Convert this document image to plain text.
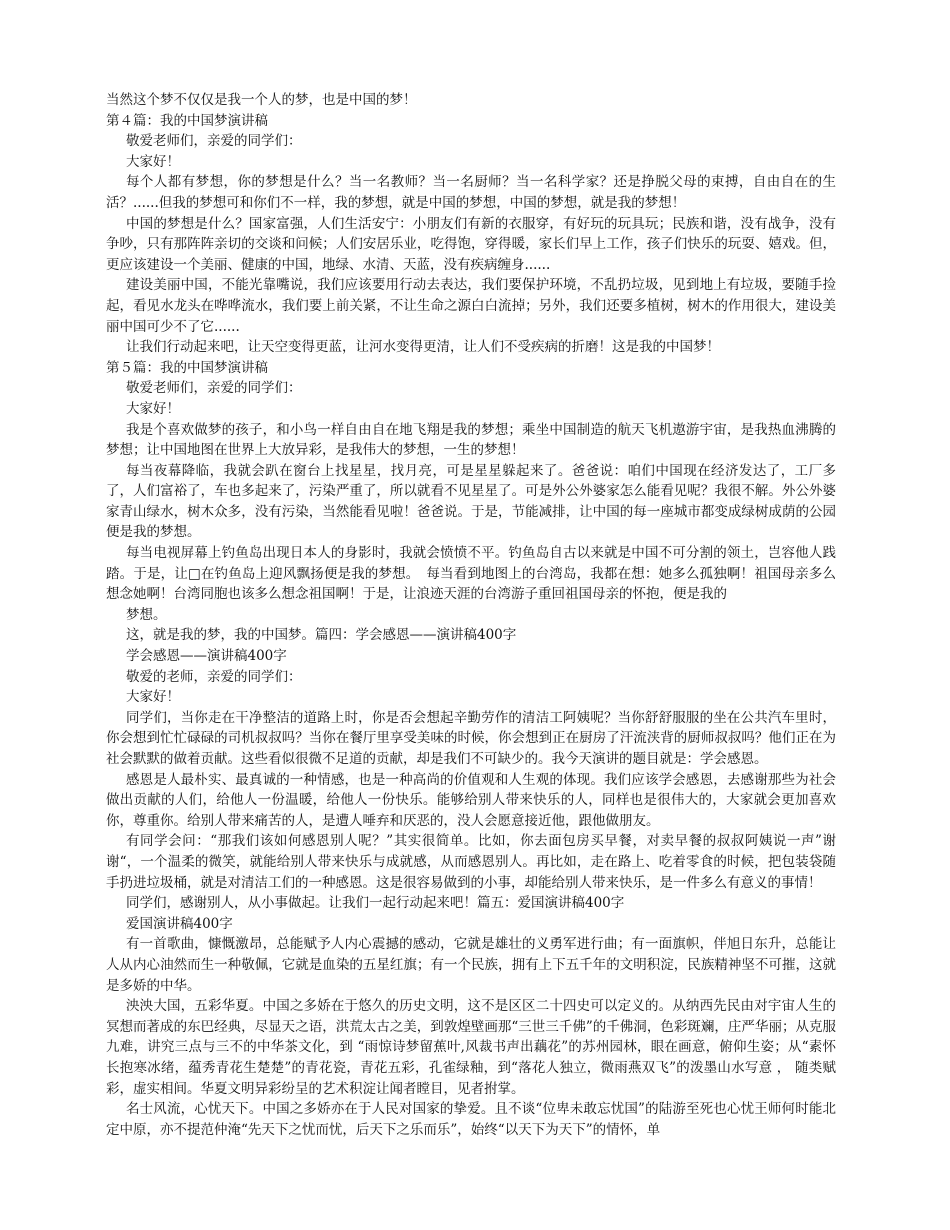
当然这个梦不仅仅是我一个人的梦，也是中国的梦！

第４篇：我的中国梦演讲稿

敬爱老师们，亲爱的同学们：

大家好！

每个人都有梦想，你的梦想是什么？当一名教师？当一名厨师？当一名科学家？还是挣脱父母的束搏，自由自在的生活？......但我的梦想可和你们不一样，我的梦想，就是中国的梦想，中国的梦想，就是我的梦想！

中国的梦想是什么？国家富强，人们生活安宁：小朋友们有新的衣服穿，有好玩的玩具玩；民族和谐，没有战争，没有争吵，只有那阵阵亲切的交谈和问候；人们安居乐业，吃得饱，穿得暖，家长们早上工作，孩子们快乐的玩耍、嬉戏。但，更应该建设一个美丽、健康的中国，地绿、水清、天蓝，没有疾病缠身......

建设美丽中国，不能光靠嘴说，我们应该要用行动去表达，我们要保护环境，不乱扔垃圾，见到地上有垃圾，要随手捡起，看见水龙头在哗哗流水，我们要上前关紧，不让生命之源白白流掉；另外，我们还要多植树，树木的作用很大，建设美丽中国可少不了它......

让我们行动起来吧，让天空变得更蓝，让河水变得更清，让人们不受疾病的折磨！这是我的中国梦！

第５篇：我的中国梦演讲稿

敬爱老师们，亲爱的同学们：

大家好！

我是个喜欢做梦的孩子，和小鸟一样自由自在地飞翔是我的梦想；乘坐中国制造的航天飞机遨游宇宙，是我热血沸腾的梦想；让中国地图在世界上大放异彩，是我伟大的梦想，一生的梦想！

每当夜幕降临，我就会趴在窗台上找星星，找月亮，可是星星躲起来了。爸爸说：咱们中国现在经济发达了，工厂多了，人们富裕了，车也多起来了，污染严重了，所以就看不见星星了。可是外公外婆家怎么能看见呢？我很不解。外公外婆家青山绿水，树木众多，没有污染，当然能看见啦！爸爸说。于是，节能减排，让中国的每一座城市都变成绿树成荫的公园便是我的梦想。

每当电视屏幕上钓鱼岛出现日本人的身影时，我就会愤愤不平。钓鱼岛自古以来就是中国不可分割的领土，岂容他人践踏。于是，让□在钓鱼岛上迎风飘扬便是我的梦想。　每当看到地图上的台湾岛，我都在想：她多么孤独啊！祖国母亲多么想念她啊！台湾同胞也该多么想念祖国啊！于是，让浪迹天涯的台湾游子重回祖国母亲的怀抱，便是我的

梦想。

这，就是我的梦，我的中国梦。篇四：学会感恩——演讲稿400字

学会感恩——演讲稿400字

敬爱的老师，亲爱的同学们：

大家好！

同学们，当你走在干净整洁的道路上时，你是否会想起辛勤劳作的清洁工阿姨呢？当你舒舒服服的坐在公共汽车里时，你会想到忙忙碌碌的司机叔叔吗？当你在餐厅里享受美味的时候，你会想到正在厨房了汗流浃背的厨师叔叔吗？他们正在为社会默默的做着贡献。这些看似很微不足道的贡献，却是我们不可缺少的。我今天演讲的题目就是：学会感恩。

感恩是人最朴实、最真诚的一种情感，也是一种高尚的价值观和人生观的体现。我们应该学会感恩，去感谢那些为社会做出贡献的人们，给他人一份温暖，给他人一份快乐。能够给别人带来快乐的人，同样也是很伟大的，大家就会更加喜欢你，尊重你。给别人带来痛苦的人，是遭人唾弃和厌恶的，没人会愿意接近他，跟他做朋友。

有同学会问：“那我们该如何感恩别人呢？”其实很简单。比如，你去面包房买早餐，对卖早餐的叔叔阿姨说一声”谢谢“，一个温柔的微笑，就能给别人带来快乐与成就感，从而感恩别人。再比如，走在路上、吃着零食的时候，把包装袋随手扔进垃圾桶，就是对清洁工们的一种感恩。这是很容易做到的小事，却能给别人带来快乐，是一件多么有意义的事情！

同学们，感谢别人，从小事做起。让我们一起行动起来吧！篇五：爱国演讲稿400字

爱国演讲稿400字

有一首歌曲，慷慨激昂，总能赋予人内心震撼的感动，它就是雄壮的义勇军进行曲；有一面旗帜，伴旭日东升，总能让人从内心油然而生一种敬佩，它就是血染的五星红旗；有一个民族，拥有上下五千年的文明积淀，民族精神坚不可摧，这就是多娇的中华。

泱泱大国，五彩华夏。中国之多娇在于悠久的历史文明，这不是区区二十四史可以定义的。从纳西先民由对宇宙人生的冥想而著成的东巴经典，尽显天之语，洪荒太古之美，到敦煌壁画那“三世三千佛”的千佛洞，色彩斑斓，庄严华丽；从克服九难，讲究三点与三不的中华茶文化，到 “雨惊诗梦留蕉叶,风裁书声出藕花”的苏州园林，眼在画意，俯仰生姿；从“素怀长抱寒冰绪，蕴秀青花生楚楚”的青花瓷，青花五彩，孔雀绿釉，到“落花人独立，微雨燕双飞”的泼墨山水写意 ， 随类赋彩，虚实相间。华夏文明异彩纷呈的艺术积淀让闻者瞠目，见者拊掌。

名士风流，心忧天下。中国之多娇亦在于人民对国家的挚爱。且不谈“位卑未敢忘忧国”的陆游至死也心忧王师何时能北定中原，亦不提范仲淹“先天下之忧而忧，后天下之乐而乐”，始终“以天下为天下”的情怀，单
